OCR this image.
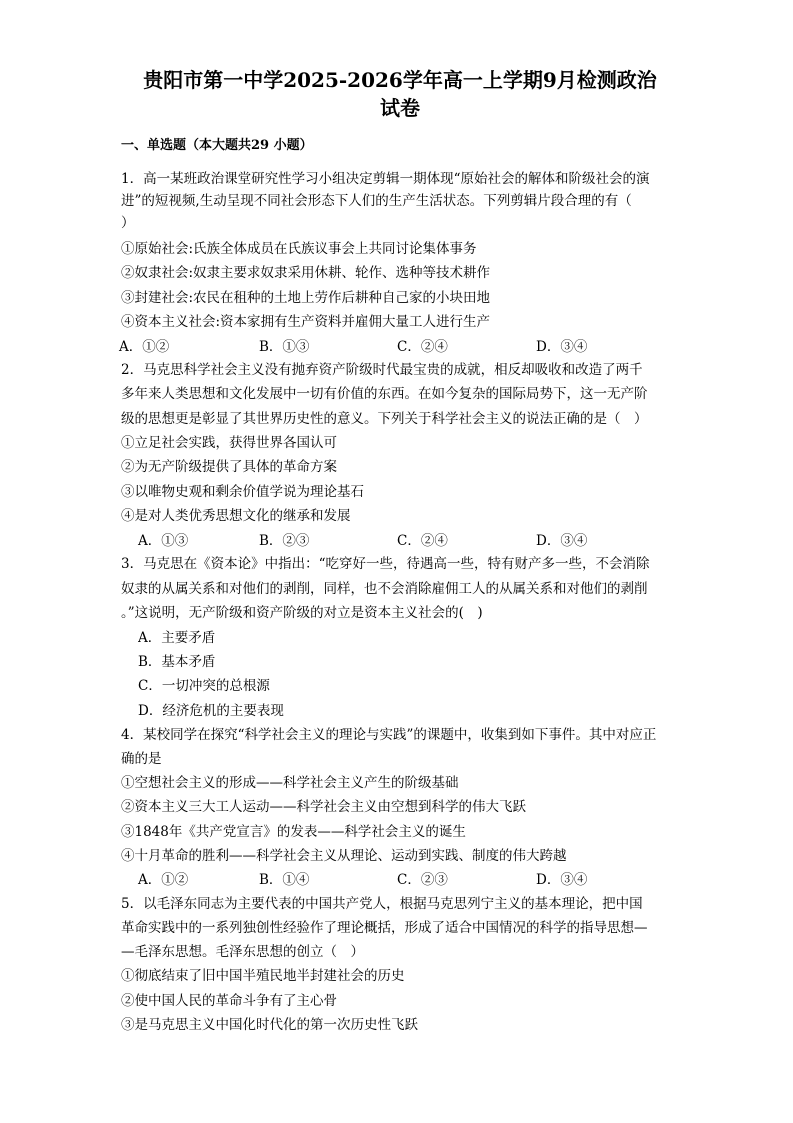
贵阳市第一中学2025-2026学年高一上学期9月检测政治
试卷
一、单选题（本大题共29 小题）
1．高一某班政治课堂研究性学习小组决定剪辑一期体现“原始社会的解体和阶级社会的演
进”的短视频,生动呈现不同社会形态下人们的生产生活状态。下列剪辑片段合理的有（
）
①原始社会:氏族全体成员在氏族议事会上共同讨论集体事务
②奴隶社会:奴隶主要求奴隶采用休耕、轮作、选种等技术耕作
③封建社会:农民在租种的土地上劳作后耕种自己家的小块田地
④资本主义社会:资本家拥有生产资料并雇佣大量工人进行生产
A．①②	B．①③	C．②④	D．③④
2．马克思科学社会主义没有抛弃资产阶级时代最宝贵的成就，相反却吸收和改造了两千
多年来人类思想和文化发展中一切有价值的东西。在如今复杂的国际局势下，这一无产阶
级的思想更是彰显了其世界历史性的意义。下列关于科学社会主义的说法正确的是（　）
①立足社会实践，获得世界各国认可
②为无产阶级提供了具体的革命方案
③以唯物史观和剩余价值学说为理论基石
④是对人类优秀思想文化的继承和发展
A．①③	B．②③	C．②④	D．③④
3．马克思在《资本论》中指出：“吃穿好一些，待遇高一些，特有财产多一些，不会消除
奴隶的从属关系和对他们的剥削，同样，也不会消除雇佣工人的从属关系和对他们的剥削
。”这说明，无产阶级和资产阶级的对立是资本主义社会的(　)
A．主要矛盾
B．基本矛盾
C．一切冲突的总根源
D．经济危机的主要表现
4．某校同学在探究“科学社会主义的理论与实践”的课题中，收集到如下事件。其中对应正
确的是
①空想社会主义的形成——科学社会主义产生的阶级基础
②资本主义三大工人运动——科学社会主义由空想到科学的伟大飞跃
③1848年《共产党宣言》的发表——科学社会主义的诞生
④十月革命的胜利——科学社会主义从理论、运动到实践、制度的伟大跨越
A．①②	B．①④	C．②③	D．③④
5．以毛泽东同志为主要代表的中国共产党人，根据马克思列宁主义的基本理论，把中国
革命实践中的一系列独创性经验作了理论概括，形成了适合中国情况的科学的指导思想—
—毛泽东思想。毛泽东思想的创立（　）
①彻底结束了旧中国半殖民地半封建社会的历史
②使中国人民的革命斗争有了主心骨
③是马克思主义中国化时代化的第一次历史性飞跃
